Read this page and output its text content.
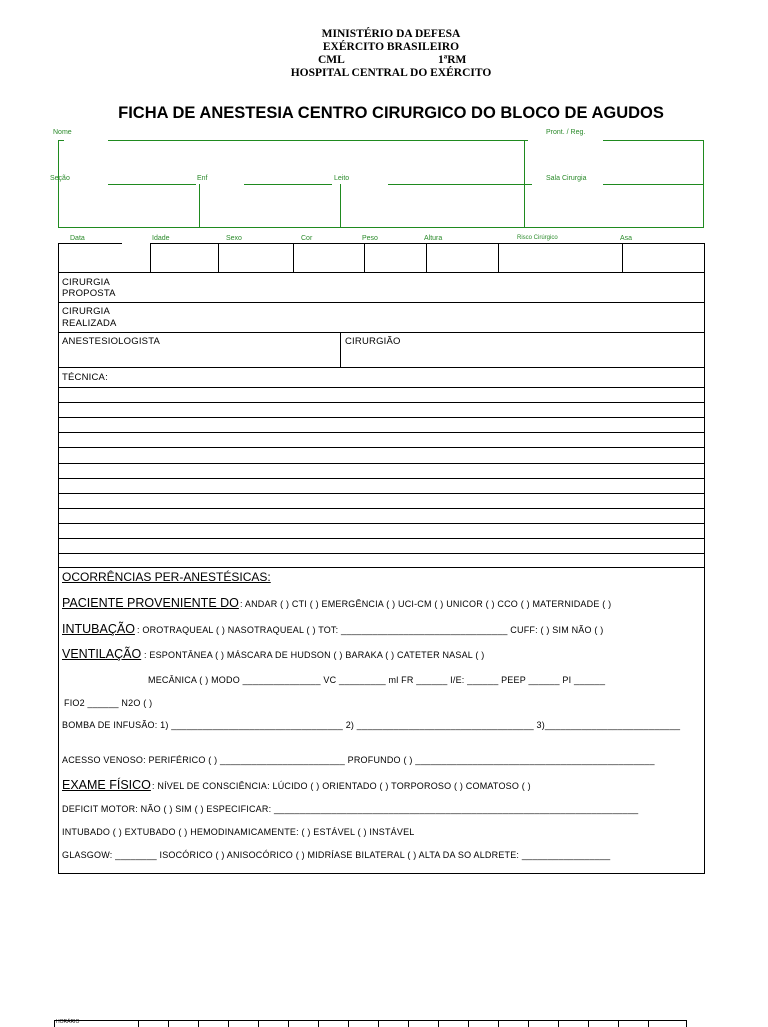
MINISTÉRIO DA DEFESA
EXÉRCITO BRASILEIRO
CML	1ªRM
HOSPITAL CENTRAL DO EXÉRCITO
FICHA DE ANESTESIA CENTRO CIRURGICO DO BLOCO DE AGUDOS
Nome	Pront. / Reg.
Seção	Enf	Leito	Sala Cirurgia
Data	Idade	Sexo	Cor	Peso	Altura	Risco Cirúrgico	Asa
CIRURGIA
PROPOSTA
CIRURGIA
REALIZADA
ANESTESIOLOGISTA	CIRURGIÃO
TÉCNICA:
OCORRÊNCIAS PER-ANESTÉSICAS:
PACIENTE PROVENIENTE DO : ANDAR ( ) CTI ( ) EMERGÊNCIA ( ) UCI-CM ( ) UNICOR ( ) CCO ( ) MATERNIDADE ( )
INTUBAÇÃO : OROTRAQUEAL ( ) NASOTRAQUEAL ( ) TOT: ________________________________ CUFF: ( ) SIM NÃO ( )
VENTILAÇÃO : ESPONTÂNEA ( ) MÁSCARA DE HUDSON ( ) BARAKA ( ) CATETER NASAL ( )
MECÂNICA ( ) MODO _______________ VC _________ ml FR ______ I/E: ______ PEEP ______ PI ______
FIO2 ______ N2O ( )
BOMBA DE INFUSÃO: 1) _________________________________ 2) __________________________________ 3)__________________________
ACESSO VENOSO: PERIFÉRICO ( ) ________________________ PROFUNDO ( ) ______________________________________________
EXAME FÍSICO : NÍVEL DE CONSCIÊNCIA: LÚCIDO ( ) ORIENTADO ( ) TORPOROSO ( ) COMATOSO ( )
DEFICIT MOTOR: NÃO ( ) SIM ( ) ESPECIFICAR: ______________________________________________________________________
INTUBADO ( ) EXTUBADO ( ) HEMODINAMICAMENTE: ( ) ESTÁVEL ( ) INSTÁVEL
GLASGOW: ________ ISOCÓRICO ( ) ANISOCÓRICO ( ) MIDRÍASE BILATERAL ( ) ALTA DA SO ALDRETE: _________________
HORÁRIO
